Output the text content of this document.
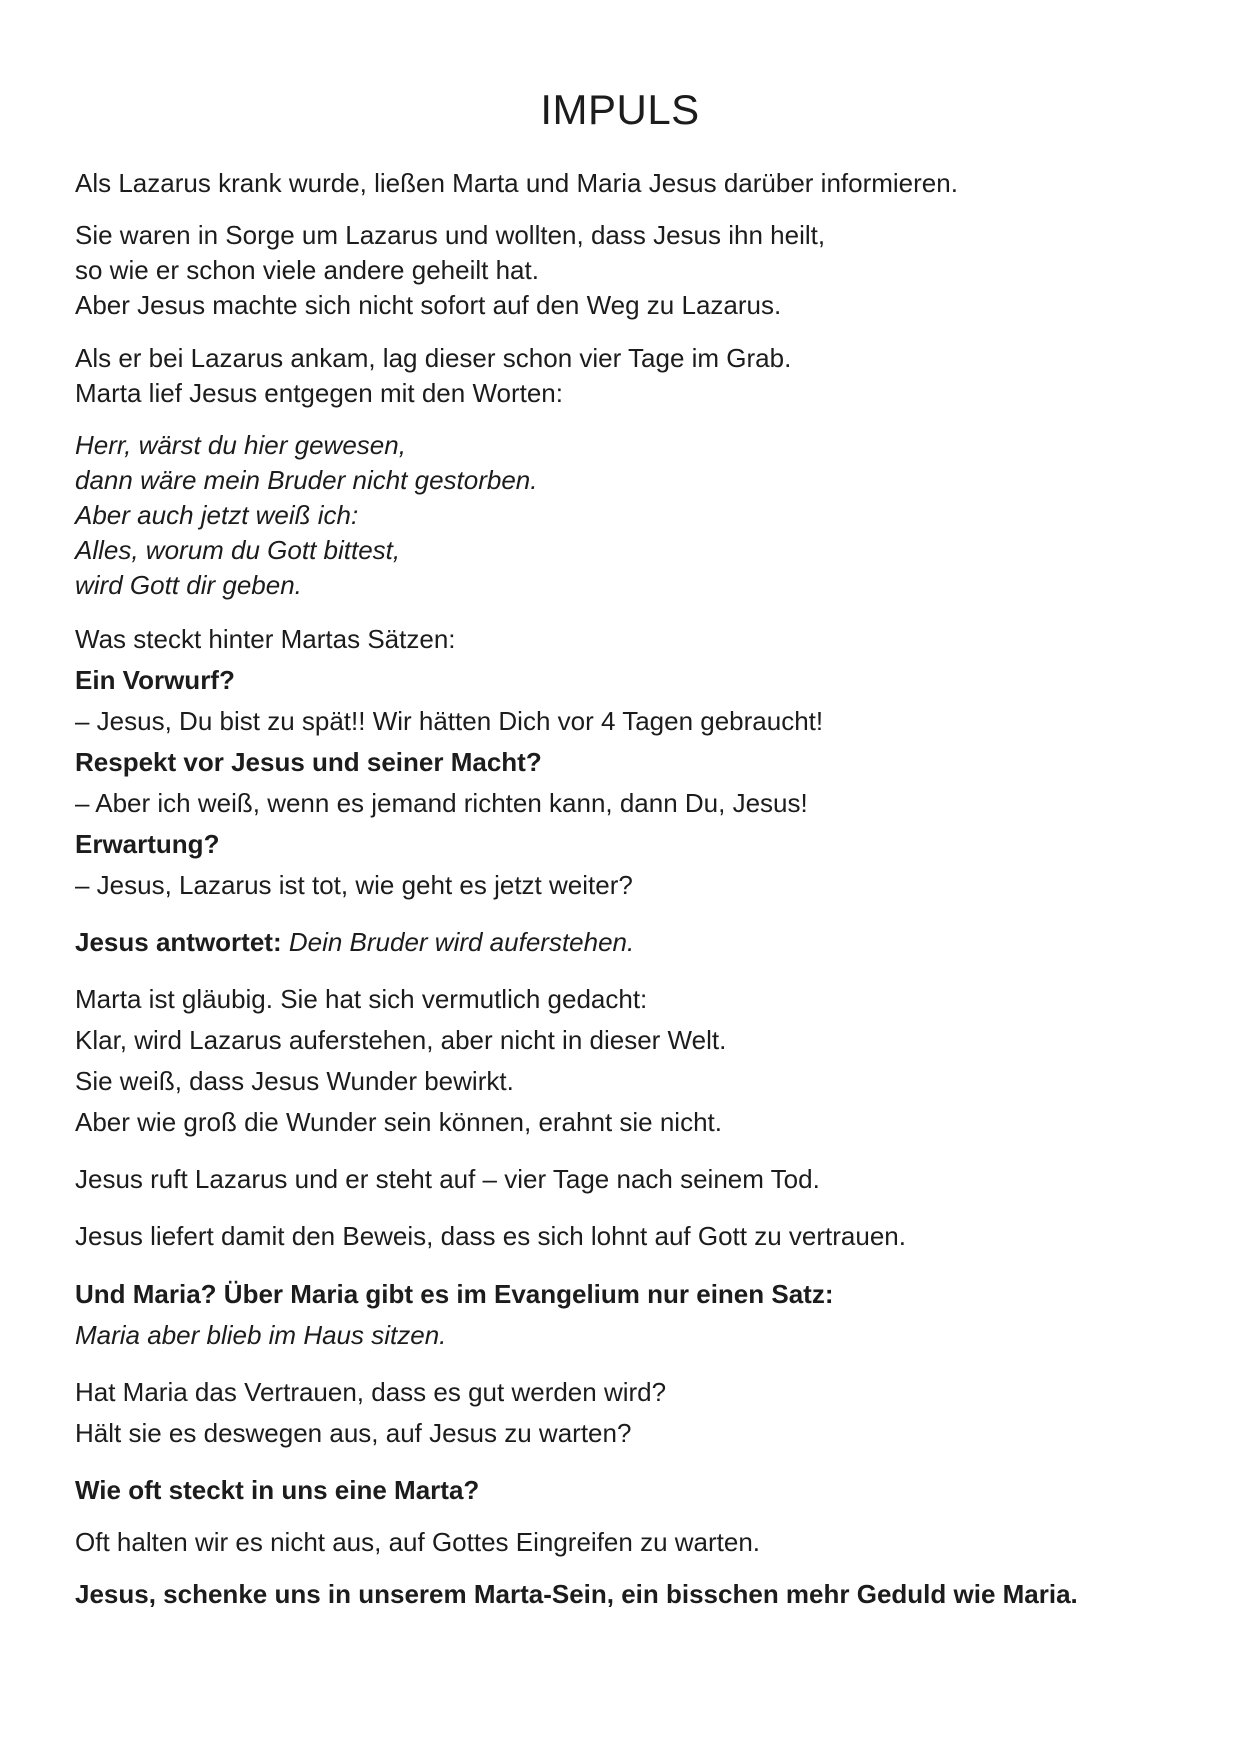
IMPULS
Als Lazarus krank wurde, ließen Marta und Maria Jesus darüber informieren.
Sie waren in Sorge um Lazarus und wollten, dass Jesus ihn heilt,
so wie er schon viele andere geheilt hat.
Aber Jesus machte sich nicht sofort auf den Weg zu Lazarus.
Als er bei Lazarus ankam, lag dieser schon vier Tage im Grab.
Marta lief Jesus entgegen mit den Worten:
Herr, wärst du hier gewesen,
dann wäre mein Bruder nicht gestorben.
Aber auch jetzt weiß ich:
Alles, worum du Gott bittest,
wird Gott dir geben.
Was steckt hinter Martas Sätzen:
Ein Vorwurf?
– Jesus, Du bist zu spät!! Wir hätten Dich vor 4 Tagen gebraucht!
Respekt vor Jesus und seiner Macht?
– Aber ich weiß, wenn es jemand richten kann, dann Du, Jesus!
Erwartung?
– Jesus, Lazarus ist tot, wie geht es jetzt weiter?
Jesus antwortet: Dein Bruder wird auferstehen.
Marta ist gläubig. Sie hat sich vermutlich gedacht:
Klar, wird Lazarus auferstehen, aber nicht in dieser Welt.
Sie weiß, dass Jesus Wunder bewirkt.
Aber wie groß die Wunder sein können, erahnt sie nicht.
Jesus ruft Lazarus und er steht auf – vier Tage nach seinem Tod.
Jesus liefert damit den Beweis, dass es sich lohnt auf Gott zu vertrauen.
Und Maria? Über Maria gibt es im Evangelium nur einen Satz:
Maria aber blieb im Haus sitzen.
Hat Maria das Vertrauen, dass es gut werden wird?
Hält sie es deswegen aus, auf Jesus zu warten?
Wie oft steckt in uns eine Marta?
Oft halten wir es nicht aus, auf Gottes Eingreifen zu warten.
Jesus, schenke uns in unserem Marta-Sein, ein bisschen mehr Geduld wie Maria.
